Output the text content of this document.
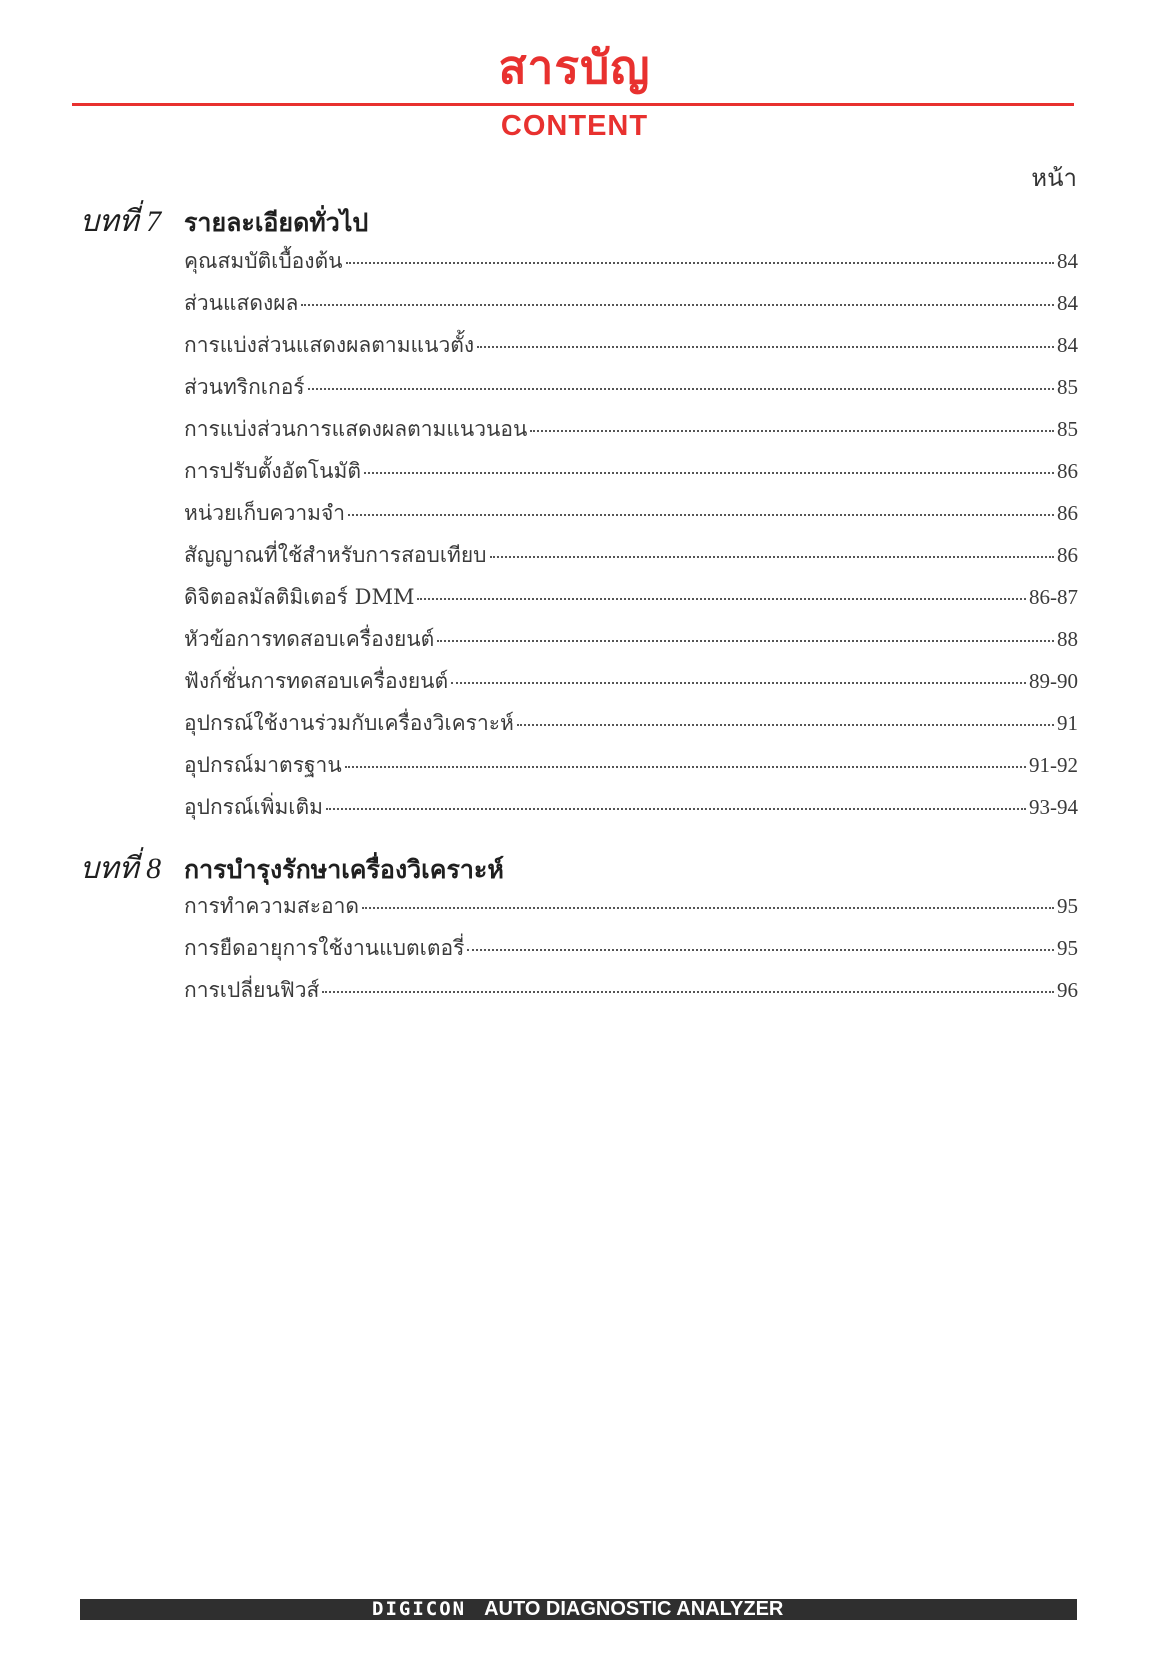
สารบัญ
CONTENT
หน้า
บทที่ 7 รายละเอียดทั่วไป
คุณสมบัติเบื้องต้น	84
ส่วนแสดงผล	84
การแบ่งส่วนแสดงผลตามแนวตั้ง	84
ส่วนทริกเกอร์	85
การแบ่งส่วนการแสดงผลตามแนวนอน	85
การปรับตั้งอัตโนมัติ	86
หน่วยเก็บความจำ	86
สัญญาณที่ใช้สำหรับการสอบเทียบ	86
ดิจิตอลมัลติมิเตอร์ DMM	86-87
หัวข้อการทดสอบเครื่องยนต์	88
ฟังก์ชั่นการทดสอบเครื่องยนต์	89-90
อุปกรณ์ใช้งานร่วมกับเครื่องวิเคราะห์	91
อุปกรณ์มาตรฐาน	91-92
อุปกรณ์เพิ่มเติม	93-94
บทที่ 8 การบำรุงรักษาเครื่องวิเคราะห์
การทำความสะอาด	95
การยืดอายุการใช้งานแบตเตอรี่	95
การเปลี่ยนฟิวส์	96
DIGICON AUTO DIAGNOSTIC ANALYZER
